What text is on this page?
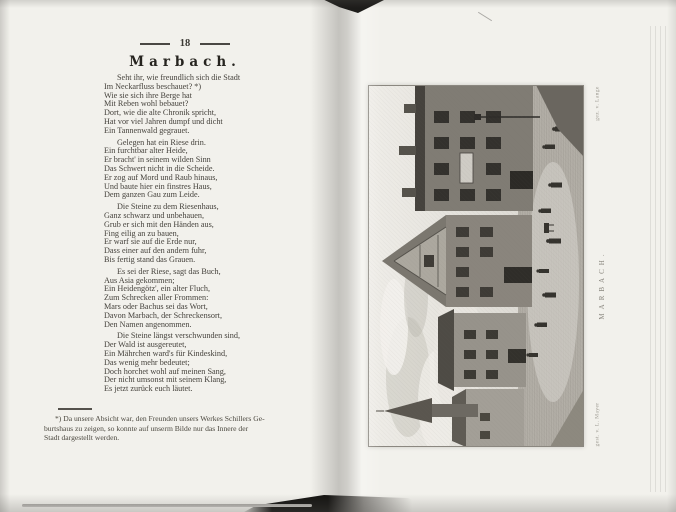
18
Marbach.

Seht ihr, wie freundlich sich die Stadt
Im Neckarfluss beschauet? *)
Wie sie sich ihre Berge hat
Mit Reben wohl bebauet?
Dort, wie die alte Chronik spricht,
Hat vor viel Jahren dumpf und dicht
Ein Tannenwald gegrauet.

Gelegen hat ein Riese drin.
Ein furchtbar alter Heide,
Er bracht' in seinem wilden Sinn
Das Schwert nicht in die Scheide.
Er zog auf Mord und Raub hinaus,
Und baute hier ein finstres Haus,
Dem ganzen Gau zum Leide.

Die Steine zu dem Riesenhaus,
Ganz schwarz und unbehauen,
Grub er sich mit den Händen aus,
Fing eilig an zu bauen,
Er warf sie auf die Erde nur,
Dass einer auf den andern fuhr,
Bis fertig stand das Grauen.

Es sei der Riese, sagt das Buch,
Aus Asia gekommen;
Ein Heidengötz', ein alter Fluch,
Zum Schrecken aller Frommen:
Mars oder Bachus sei das Wort,
Davon Marbach, der Schreckensort,
Den Namen angenommen.

Die Steine längst verschwunden sind,
Der Wald ist ausgereutet,
Ein Mährchen ward's für Kindeskind,
Das wenig mehr bedeutet;
Doch horchet wohl auf meinen Sang,
Der nicht umsonst mit seinem Klang,
Es jetzt zurück euch läutet.

*) Da unsere Absicht war, den Freunden unsers Werkes Schillers Ge-
burtshaus zu zeigen, so konnte auf unserm Bilde nur das Innere der
Stadt dargestellt werden.
MARBACH.
gez. v. Lange
gest. v. L. Mayer
